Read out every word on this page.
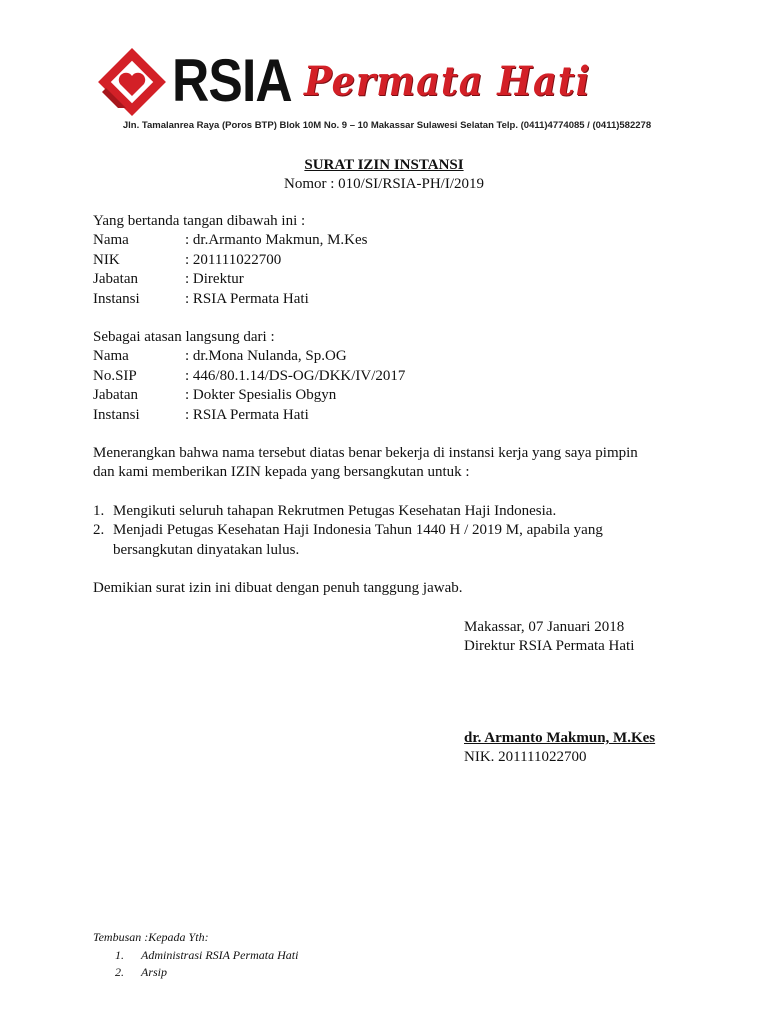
RSIA Permata Hati
Jln. Tamalanrea Raya (Poros BTP) Blok 10M No. 9 – 10 Makassar Sulawesi Selatan Telp. (0411)4774085 / (0411)582278
SURAT IZIN INSTANSI
Nomor : 010/SI/RSIA-PH/I/2019
Yang bertanda tangan dibawah ini :
Nama	: dr.Armanto Makmun, M.Kes
NIK	: 201111022700
Jabatan	: Direktur
Instansi	: RSIA Permata Hati
Sebagai atasan langsung dari :
Nama	: dr.Mona Nulanda, Sp.OG
No.SIP	: 446/80.1.14/DS-OG/DKK/IV/2017
Jabatan	: Dokter Spesialis Obgyn
Instansi	: RSIA Permata Hati
Menerangkan bahwa nama tersebut diatas benar bekerja di instansi kerja yang saya pimpin
dan kami memberikan IZIN kepada yang bersangkutan untuk :
1. Mengikuti seluruh tahapan Rekrutmen Petugas Kesehatan Haji Indonesia.
2. Menjadi Petugas Kesehatan Haji Indonesia Tahun 1440 H / 2019 M, apabila yang
bersangkutan dinyatakan lulus.
Demikian surat izin ini dibuat dengan penuh tanggung jawab.
Makassar, 07 Januari 2018
Direktur RSIA Permata Hati
dr. Armanto Makmun, M.Kes
NIK. 201111022700
Tembusan :Kepada Yth:
1.	Administrasi RSIA Permata Hati
2.	Arsip
